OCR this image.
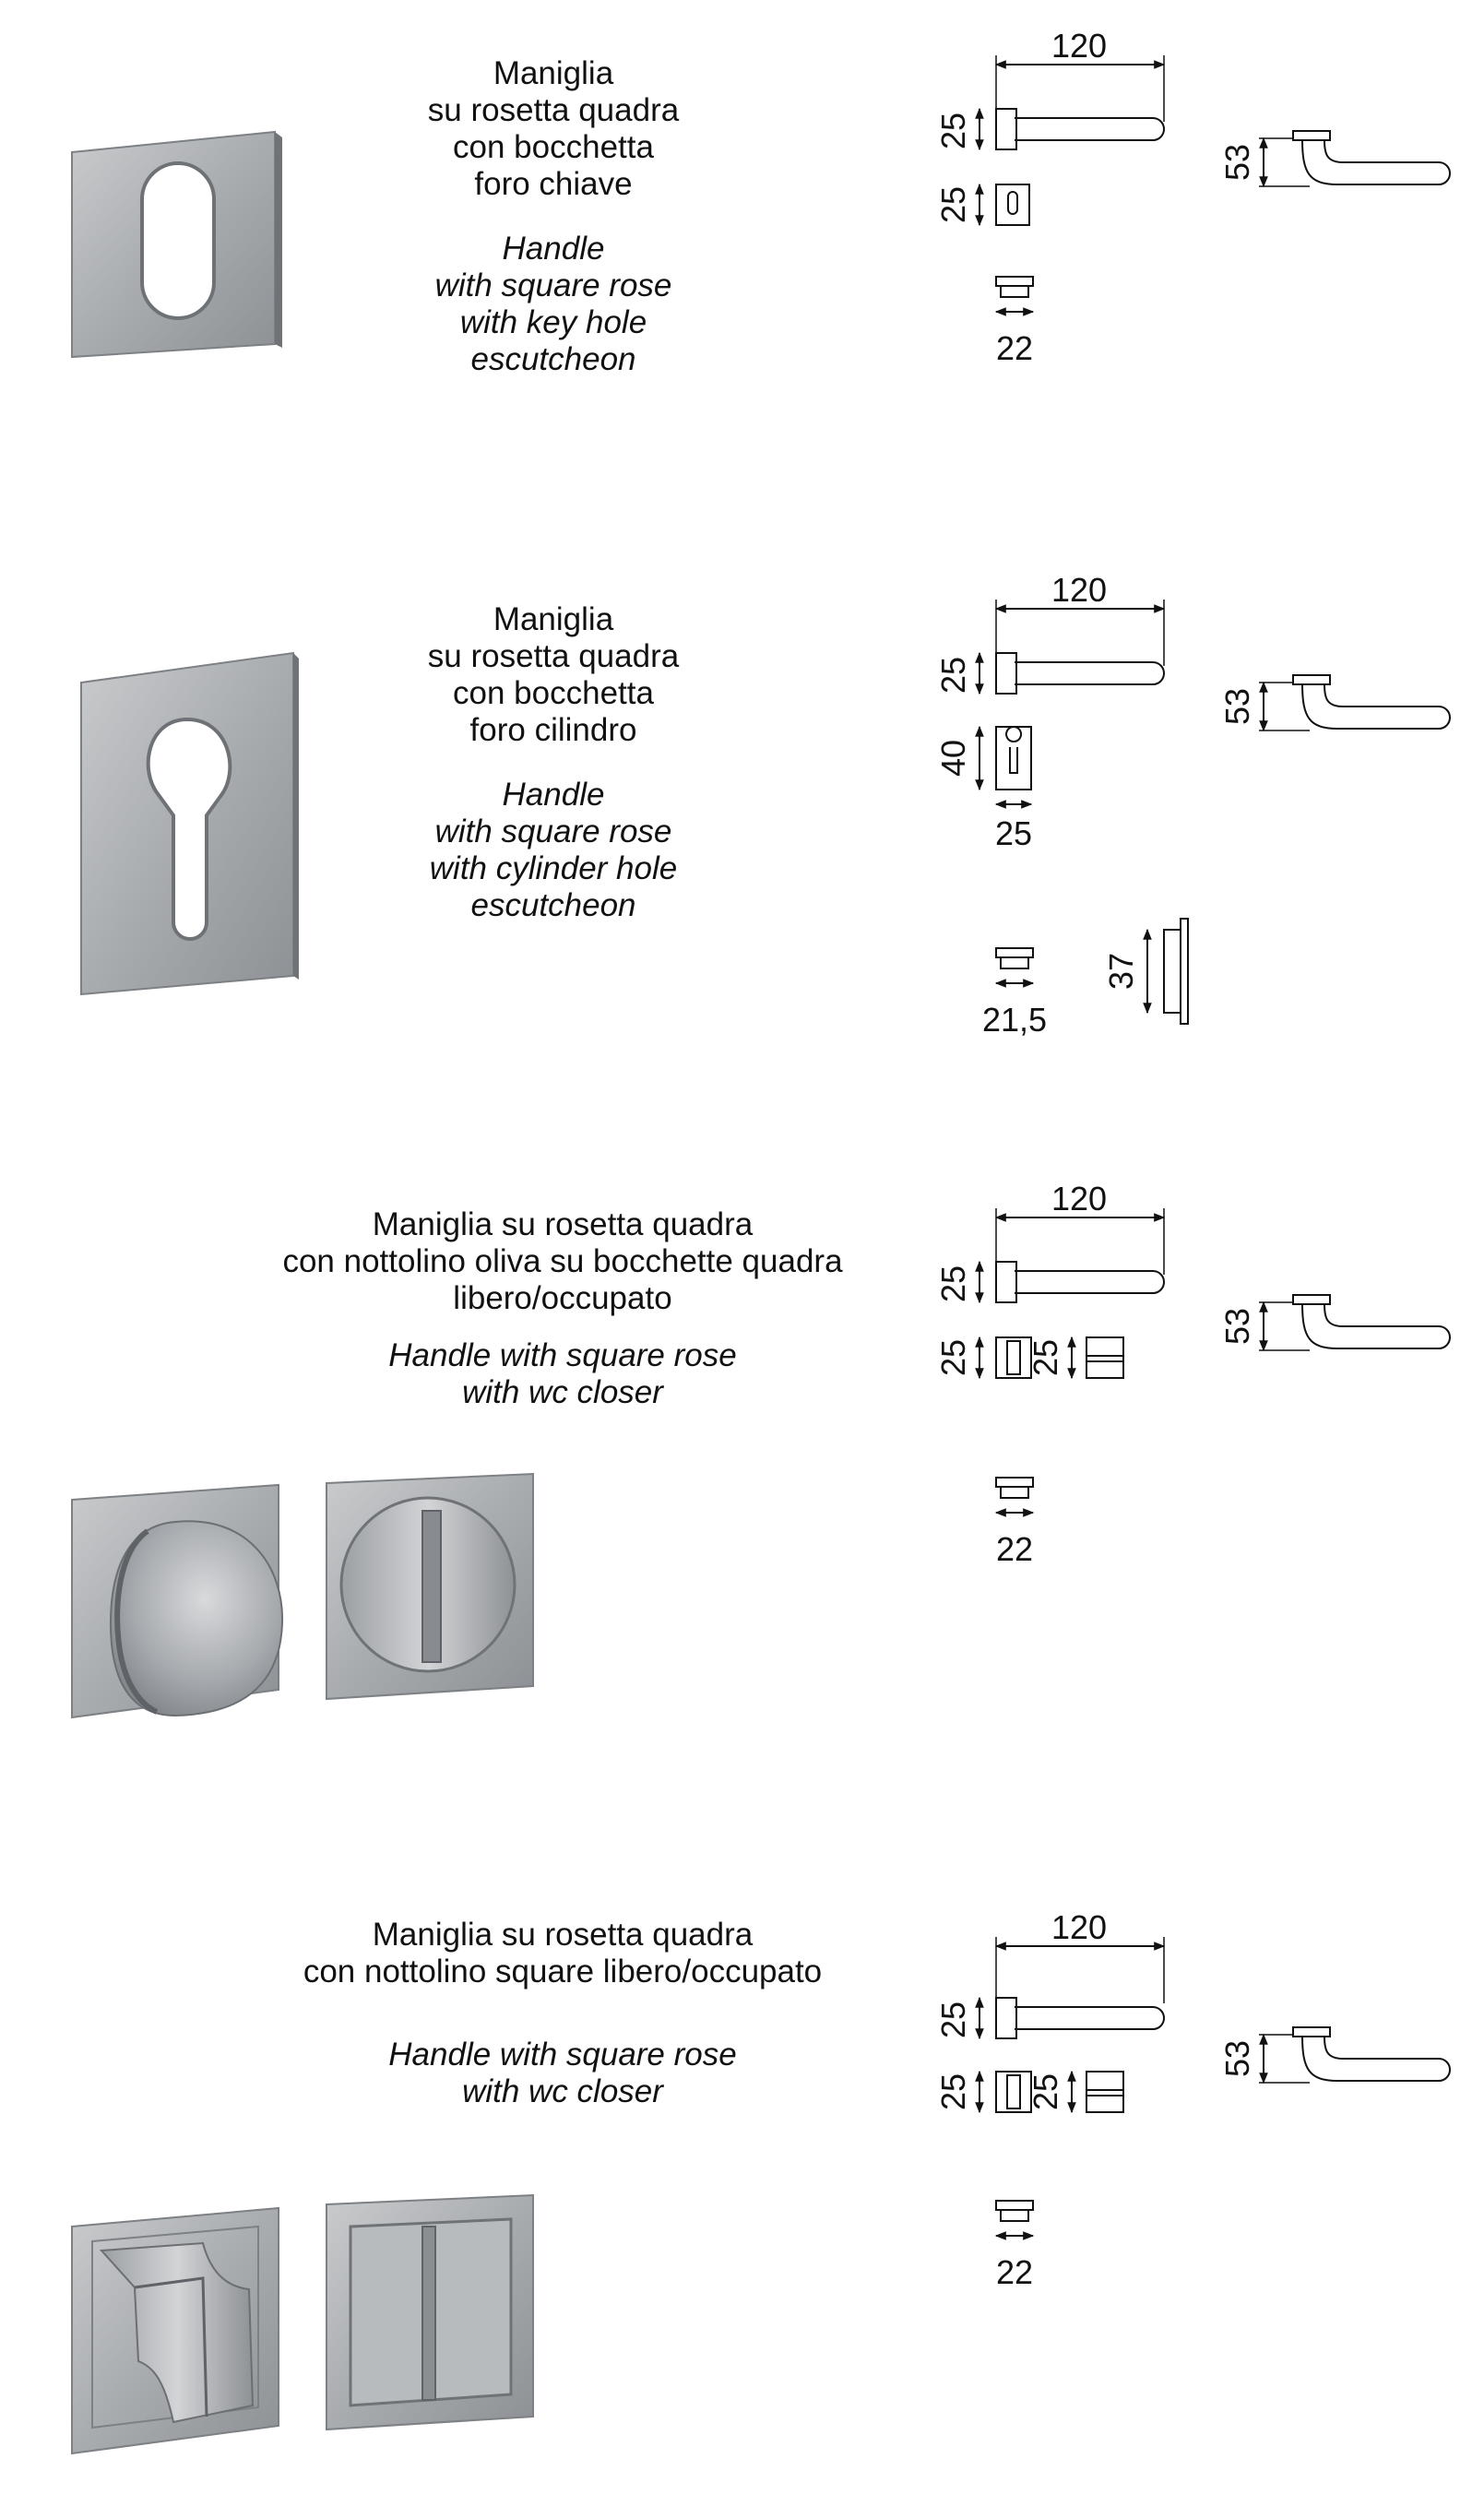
Maniglia
su rosetta quadra
con bocchetta
foro chiave
Handle
with square rose
with key hole
escutcheon
120
25
25
22
53
Maniglia
su rosetta quadra
con bocchetta
foro cilindro
Handle
with square rose
with cylinder hole
escutcheon
120
25
40
25
21,5
37
53
Maniglia su rosetta quadra
con nottolino oliva su bocchette quadra
libero/occupato
Handle with square rose
with wc closer
120
25
25 25
22
53
Maniglia su rosetta quadra
con nottolino square libero/occupato
Handle with square rose
with wc closer
120
25
25 25
22
53
